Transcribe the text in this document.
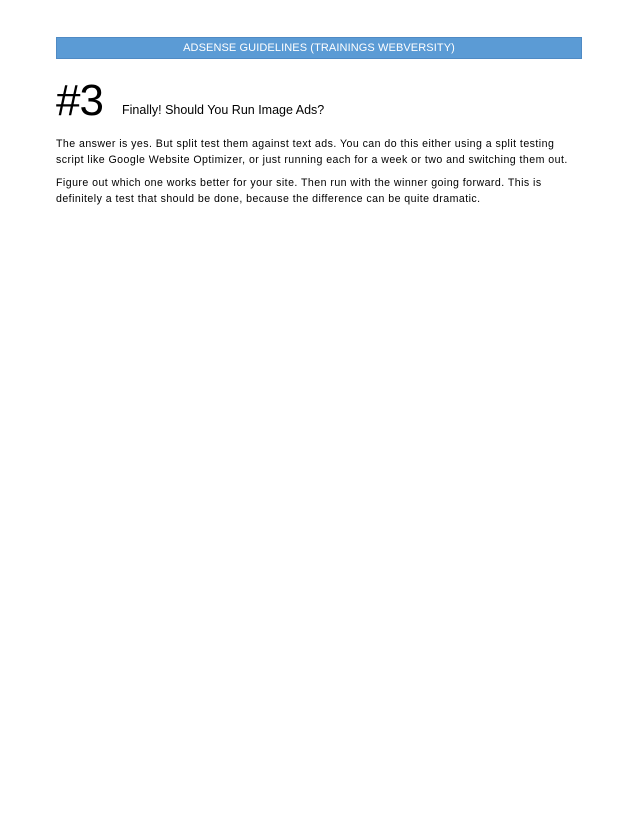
ADSENSE GUIDELINES (TRAININGS WEBVERSITY)
#3 Finally! Should You Run Image Ads?

The answer is yes. But split test them against text ads. You can do this either using a split testing script like Google Website Optimizer, or just running each for a week or two and switching them out.

Figure out which one works better for your site. Then run with the winner going forward. This is definitely a test that should be done, because the difference can be quite dramatic.
